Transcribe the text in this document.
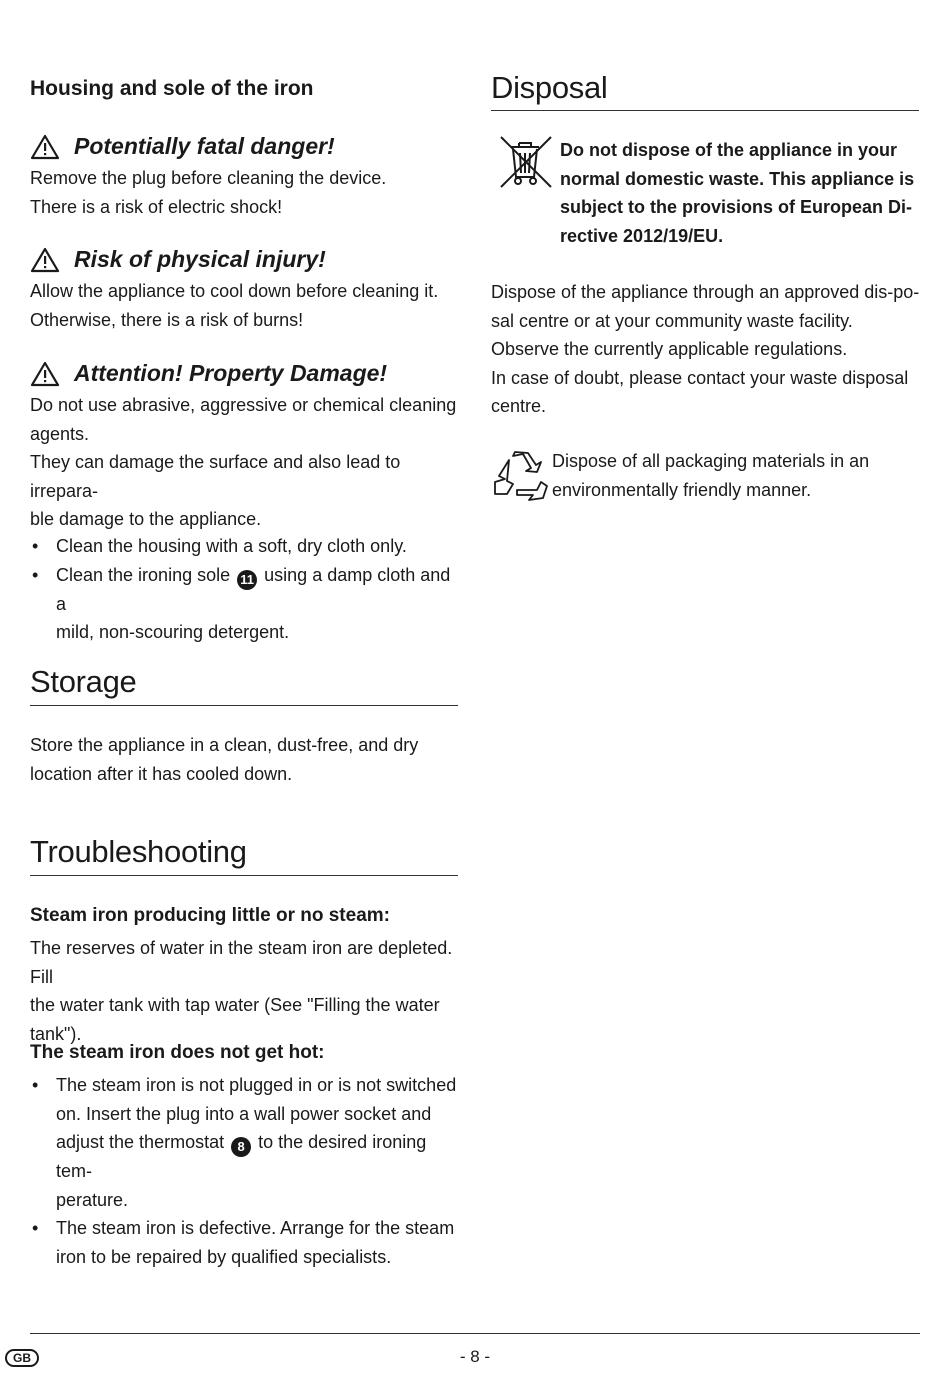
Housing and sole of the iron
Potentially fatal danger!

Remove the plug before cleaning the device.

There is a risk of electric shock!

Risk of physical injury!

Allow the appliance to cool down before cleaning it.

Otherwise, there is a risk of burns!

Attention! Property Damage!

Do not use abrasive, aggressive or chemical cleaning

agents.

They can damage the surface and also lead to irrepara-

ble damage to the appliance.

• Clean the housing with a soft, dry cloth only.
• Clean the ironing sole 11 using a damp cloth and a
mild, non-scouring detergent.
Storage

Store the appliance in a clean, dust-free, and dry

location after it has cooled down.

Troubleshooting
Steam iron producing little or no steam:

The reserves of water in the steam iron are depleted. Fill

the water tank with tap water (See "Filling the water

tank").

The steam iron does not get hot:
• The steam iron is not plugged in or is not switched
on. Insert the plug into a wall power socket and
adjust the thermostat 8 to the desired ironing tem-
perature.
• The steam iron is defective. Arrange for the steam
iron to be repaired by qualified specialists.
Disposal

Do not dispose of the appliance in your

normal domestic waste. This appliance is

subject to the provisions of European Di-

rective 2012/19/EU.

Dispose of the appliance through an approved dis-po-

sal centre or at your community waste facility.

Observe the currently applicable regulations.

In case of doubt, please contact your waste disposal

centre.

Dispose of all packaging materials in an

environmentally friendly manner.

GB	- 8 -
